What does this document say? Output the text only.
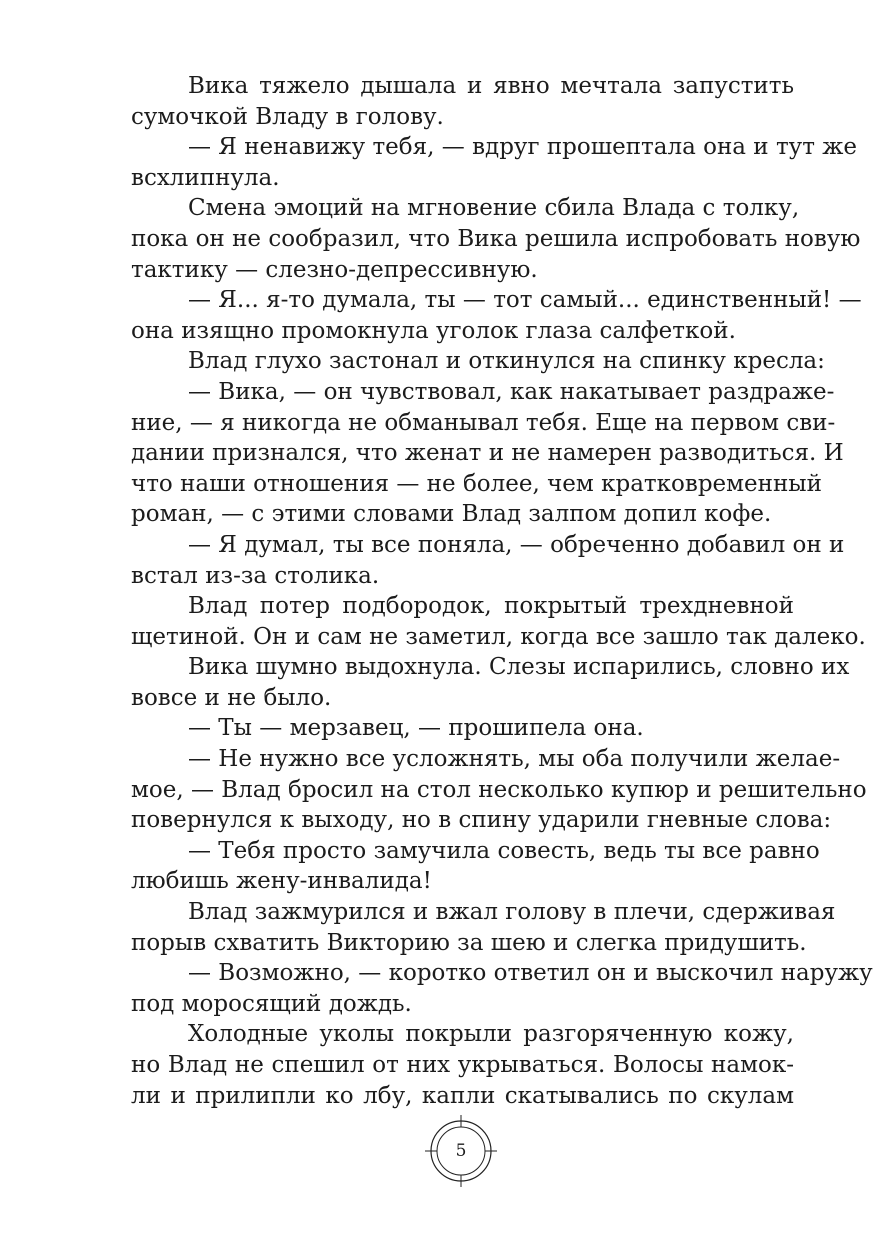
Вика тяжело дышала и явно мечтала запустить
сумочкой Владу в голову.
— Я ненавижу тебя, — вдруг прошептала она и тут же
всхлипнула.
Смена эмоций на мгновение сбила Влада с толку,
пока он не сообразил, что Вика решила испробовать новую
тактику — слезно-депрессивную.
— Я... я-то думала, ты — тот самый... единственный! —
она изящно промокнула уголок глаза салфеткой.
Влад глухо застонал и откинулся на спинку кресла:
— Вика, — он чувствовал, как накатывает раздраже-
ние, — я никогда не обманывал тебя. Еще на первом сви-
дании признался, что женат и не намерен разводиться. И
что наши отношения — не более, чем кратковременный
роман, — с этими словами Влад залпом допил кофе.
— Я думал, ты все поняла, — обреченно добавил он и
встал из-за столика.
Влад потер подбородок, покрытый трехдневной
щетиной. Он и сам не заметил, когда все зашло так далеко.
Вика шумно выдохнула. Слезы испарились, словно их
вовсе и не было.
— Ты — мерзавец, — прошипела она.
— Не нужно все усложнять, мы оба получили желае-
мое, — Влад бросил на стол несколько купюр и решительно
повернулся к выходу, но в спину ударили гневные слова:
— Тебя просто замучила совесть, ведь ты все равно
любишь жену-инвалида!
Влад зажмурился и вжал голову в плечи, сдерживая
порыв схватить Викторию за шею и слегка придушить.
— Возможно, — коротко ответил он и выскочил наружу
под моросящий дождь.
Холодные уколы покрыли разгоряченную кожу,
но Влад не спешил от них укрываться. Волосы намок-
ли и прилипли ко лбу, капли скатывались по скулам
5
